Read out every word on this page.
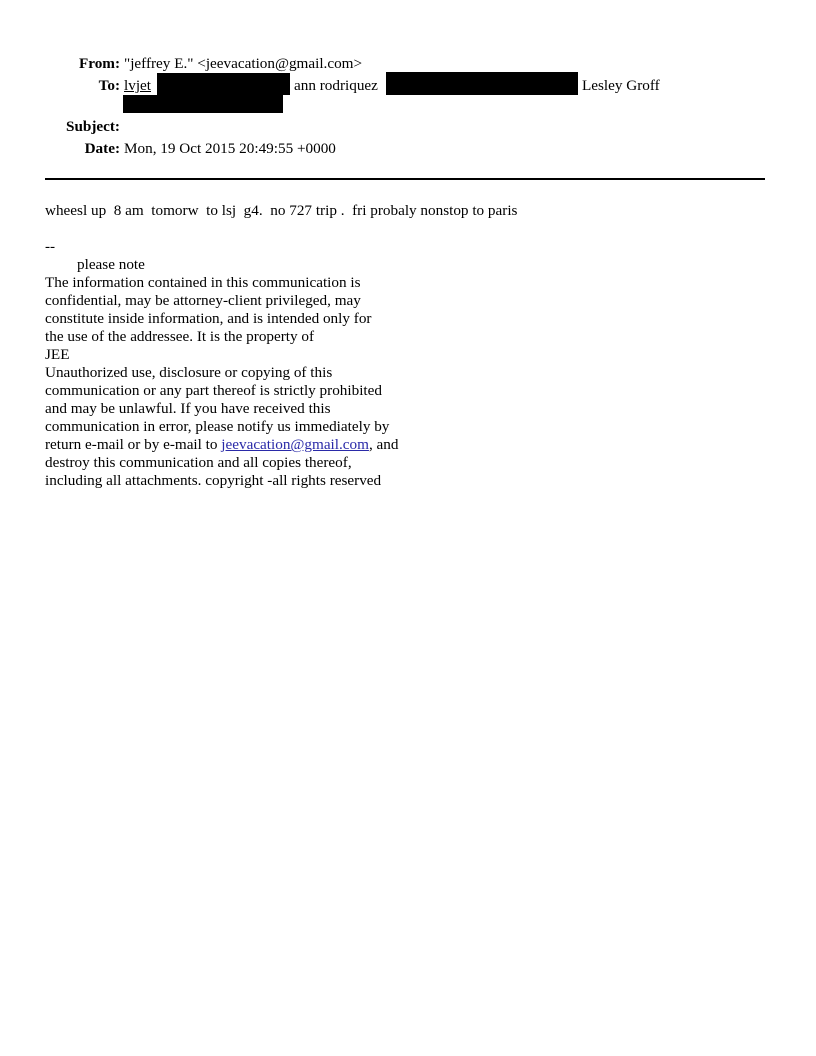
From: "jeffrey E." <jeevacation@gmail.com>
To: lvjet	ann rodriquez	Lesley Groff
Subject:
Date: Mon, 19 Oct 2015 20:49:55 +0000
wheesl up  8 am  tomorw  to lsj  g4.  no 727 trip .  fri probaly nonstop to paris
--
please note
The information contained in this communication is
confidential, may be attorney-client privileged, may
constitute inside information, and is intended only for
the use of the addressee. It is the property of
JEE
Unauthorized use, disclosure or copying of this
communication or any part thereof is strictly prohibited
and may be unlawful. If you have received this
communication in error, please notify us immediately by
return e-mail or by e-mail to jeevacation@gmail.com, and
destroy this communication and all copies thereof,
including all attachments. copyright -all rights reserved
